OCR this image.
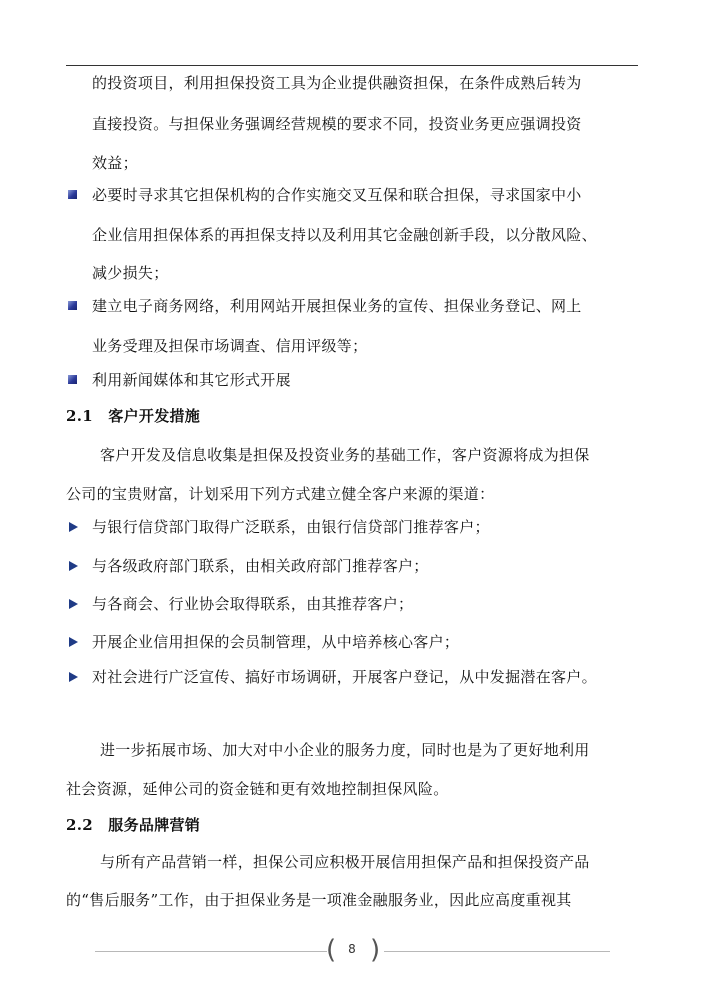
的投资项目，利用担保投资工具为企业提供融资担保，在条件成熟后转为
直接投资。与担保业务强调经营规模的要求不同，投资业务更应强调投资
效益；
必要时寻求其它担保机构的合作实施交叉互保和联合担保，寻求国家中小
企业信用担保体系的再担保支持以及利用其它金融创新手段，以分散风险、
减少损失；
建立电子商务网络，利用网站开展担保业务的宣传、担保业务登记、网上
业务受理及担保市场调查、信用评级等；
利用新闻媒体和其它形式开展
2.1　客户开发措施
客户开发及信息收集是担保及投资业务的基础工作，客户资源将成为担保
公司的宝贵财富，计划采用下列方式建立健全客户来源的渠道：
与银行信贷部门取得广泛联系，由银行信贷部门推荐客户；
与各级政府部门联系，由相关政府部门推荐客户；
与各商会、行业协会取得联系，由其推荐客户；
开展企业信用担保的会员制管理，从中培养核心客户；
对社会进行广泛宣传、搞好市场调研，开展客户登记，从中发掘潜在客户。
进一步拓展市场、加大对中小企业的服务力度，同时也是为了更好地利用
社会资源，延伸公司的资金链和更有效地控制担保风险。
2.2　服务品牌营销
与所有产品营销一样，担保公司应积极开展信用担保产品和担保投资产品
的“售后服务”工作，由于担保业务是一项准金融服务业，因此应高度重视其
( )
8
